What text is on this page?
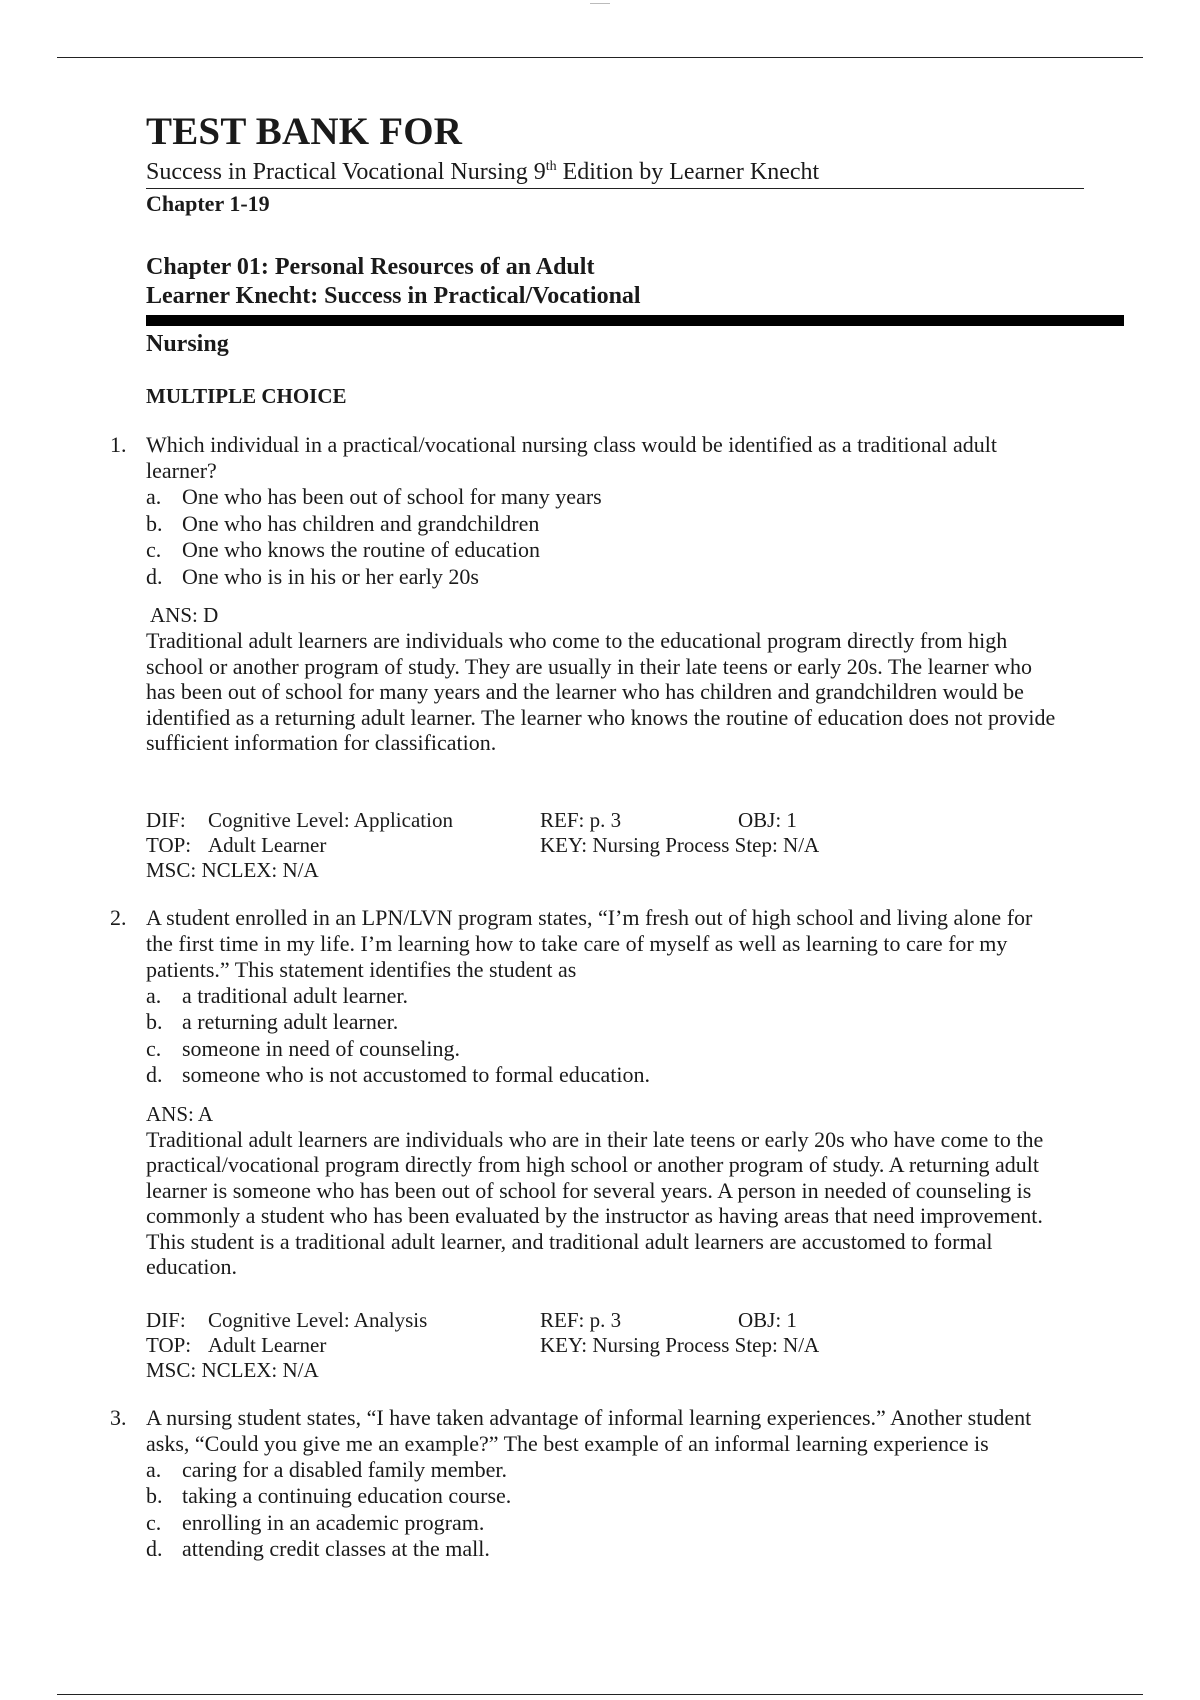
TEST BANK FOR

Success in Practical Vocational Nursing 9th Edition by Learner Knecht

Chapter 1-19

Chapter 01: Personal Resources of an Adult

Learner Knecht: Success in Practical/Vocational

Nursing

MULTIPLE CHOICE

1. Which individual in a practical/vocational nursing class would be identified as a traditional adult learner?

a. One who has been out of school for many years
b. One who has children and grandchildren
c. One who knows the routine of education
d. One who is in his or her early 20s

ANS: D

Traditional adult learners are individuals who come to the educational program directly from high school or another program of study. They are usually in their late teens or early 20s. The learner who has been out of school for many years and the learner who has children and grandchildren would be identified as a returning adult learner. The learner who knows the routine of education does not provide sufficient information for classification.

DIF: Cognitive Level: Application	REF: p. 3	OBJ: 1
TOP: Adult Learner	KEY: Nursing Process Step: N/A
MSC: NCLEX: N/A
2. A student enrolled in an LPN/LVN program states, “I’m fresh out of high school and living alone for the first time in my life. I’m learning how to take care of myself as well as learning to care for my patients.” This statement identifies the student as

a. a traditional adult learner.
b. a returning adult learner.
c. someone in need of counseling.
d. someone who is not accustomed to formal education.

ANS: A

Traditional adult learners are individuals who are in their late teens or early 20s who have come to the practical/vocational program directly from high school or another program of study. A returning adult learner is someone who has been out of school for several years. A person in needed of counseling is commonly a student who has been evaluated by the instructor as having areas that need improvement. This student is a traditional adult learner, and traditional adult learners are accustomed to formal education.

DIF: Cognitive Level: Analysis	REF: p. 3	OBJ: 1
TOP: Adult Learner	KEY: Nursing Process Step: N/A
MSC: NCLEX: N/A
3. A nursing student states, “I have taken advantage of informal learning experiences.” Another student asks, “Could you give me an example?” The best example of an informal learning experience is

a. caring for a disabled family member.
b. taking a continuing education course.
c. enrolling in an academic program.
d. attending credit classes at the mall.
